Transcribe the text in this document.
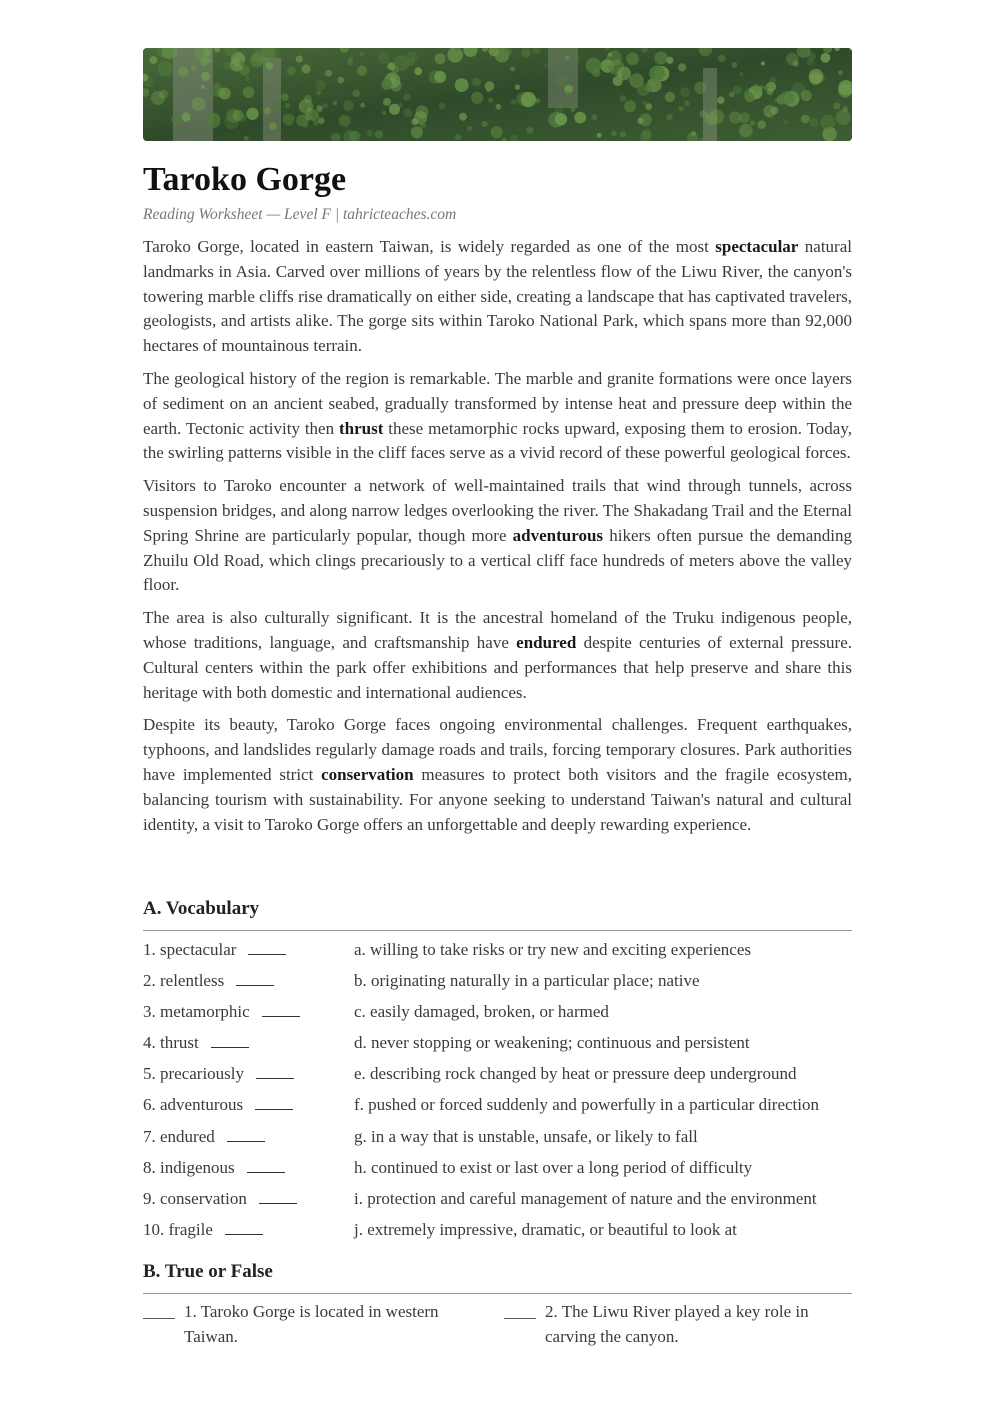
Taroko Gorge
Reading Worksheet — Level F | tahricteaches.com

Taroko Gorge, located in eastern Taiwan, is widely regarded as one of the most spectacular natural landmarks in Asia. Carved over millions of years by the relentless flow of the Liwu River, the canyon's towering marble cliffs rise dramatically on either side, creating a landscape that has captivated travelers, geologists, and artists alike. The gorge sits within Taroko National Park, which spans more than 92,000 hectares of mountainous terrain.

The geological history of the region is remarkable. The marble and granite formations were once layers of sediment on an ancient seabed, gradually transformed by intense heat and pressure deep within the earth. Tectonic activity then thrust these metamorphic rocks upward, exposing them to erosion. Today, the swirling patterns visible in the cliff faces serve as a vivid record of these powerful geological forces.

Visitors to Taroko encounter a network of well-maintained trails that wind through tunnels, across suspension bridges, and along narrow ledges overlooking the river. The Shakadang Trail and the Eternal Spring Shrine are particularly popular, though more adventurous hikers often pursue the demanding Zhuilu Old Road, which clings precariously to a vertical cliff face hundreds of meters above the valley floor.

The area is also culturally significant. It is the ancestral homeland of the Truku indigenous people, whose traditions, language, and craftsmanship have endured despite centuries of external pressure. Cultural centers within the park offer exhibitions and performances that help preserve and share this heritage with both domestic and international audiences.

Despite its beauty, Taroko Gorge faces ongoing environmental challenges. Frequent earthquakes, typhoons, and landslides regularly damage roads and trails, forcing temporary closures. Park authorities have implemented strict conservation measures to protect both visitors and the fragile ecosystem, balancing tourism with sustainability. For anyone seeking to understand Taiwan's natural and cultural identity, a visit to Taroko Gorge offers an unforgettable and deeply rewarding experience.

A. Vocabulary
1. spectacular	a. willing to take risks or try new and exciting experiences
2. relentless	b. originating naturally in a particular place; native
3. metamorphic	c. easily damaged, broken, or harmed
4. thrust	d. never stopping or weakening; continuous and persistent
5. precariously	e. describing rock changed by heat or pressure deep underground
6. adventurous	f. pushed or forced suddenly and powerfully in a particular direction
7. endured	g. in a way that is unstable, unsafe, or likely to fall
8. indigenous	h. continued to exist or last over a long period of difficulty
9. conservation	i. protection and careful management of nature and the environment
10. fragile	j. extremely impressive, dramatic, or beautiful to look at
B. True or False
1. Taroko Gorge is located in western Taiwan.
2. The Liwu River played a key role in carving the canyon.
